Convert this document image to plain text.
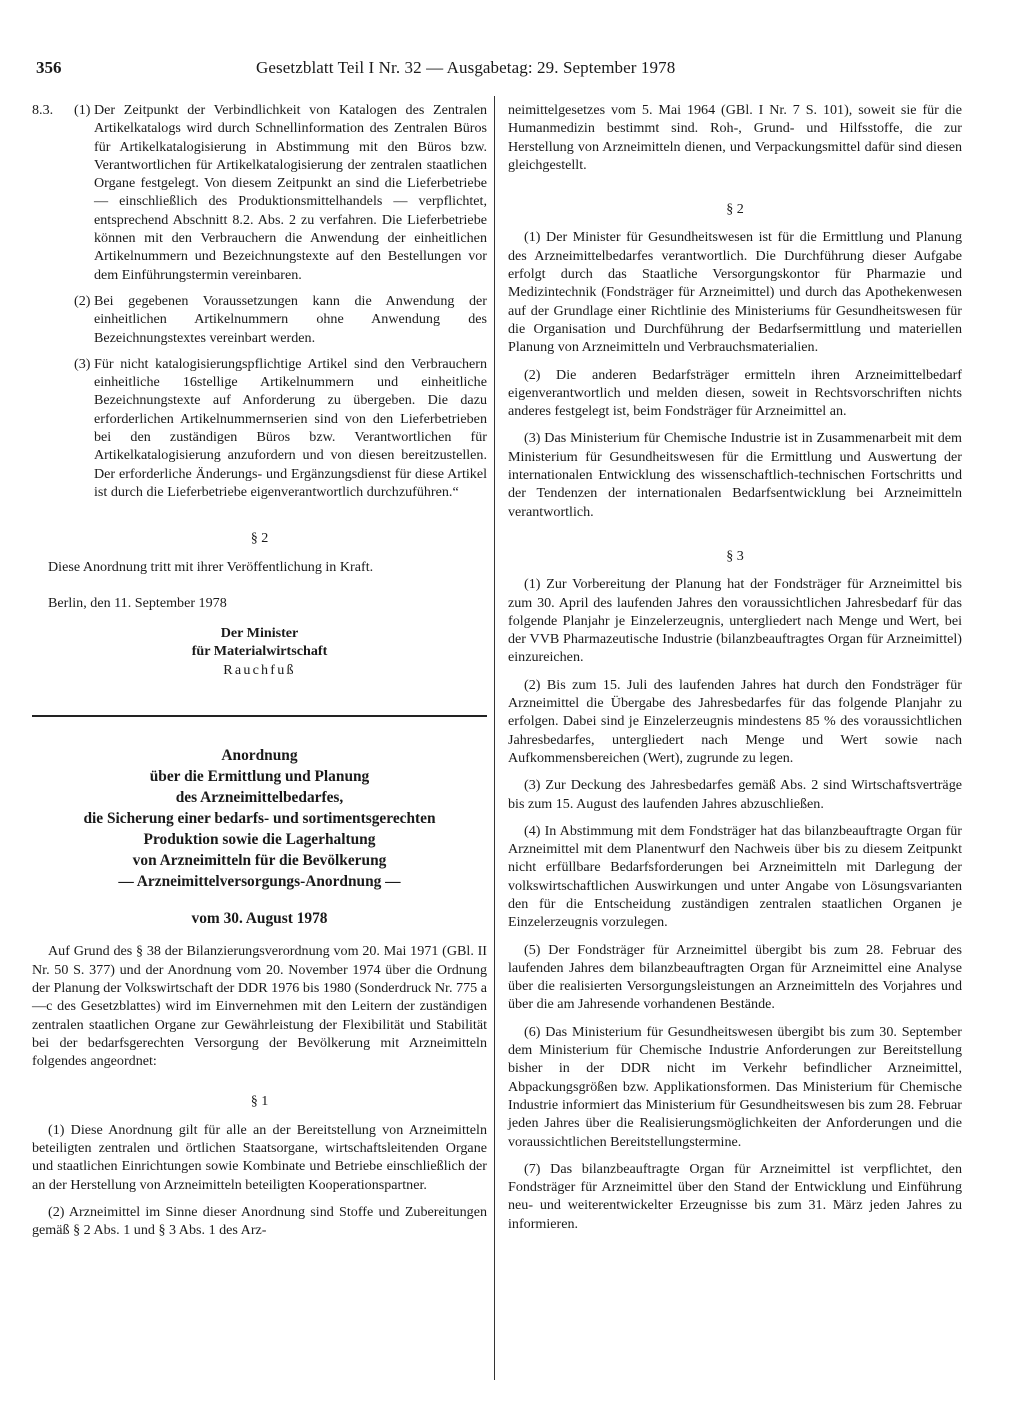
356	Gesetzblatt Teil I Nr. 32 — Ausgabetag: 29. September 1978
8.3. (1) Der Zeitpunkt der Verbindlichkeit von Katalogen des Zentralen Artikelkatalogs wird durch Schnellinformation des Zentralen Büros für Artikelkatalogisierung in Abstimmung mit den Büros bzw. Verantwortlichen für Artikelkatalogisierung der zentralen staatlichen Organe festgelegt. Von diesem Zeitpunkt an sind die Lieferbetriebe — einschließlich des Produktionsmittelhandels — verpflichtet, entsprechend Abschnitt 8.2. Abs. 2 zu verfahren. Die Lieferbetriebe können mit den Verbrauchern die Anwendung der einheitlichen Artikelnummern und Bezeichnungstexte auf den Bestellungen vor dem Einführungstermin vereinbaren.

(2) Bei gegebenen Voraussetzungen kann die Anwendung der einheitlichen Artikelnummern ohne Anwendung des Bezeichnungstextes vereinbart werden.

(3) Für nicht katalogisierungspflichtige Artikel sind den Verbrauchern einheitliche 16stellige Artikelnummern und einheitliche Bezeichnungstexte auf Anforderung zu übergeben. Die dazu erforderlichen Artikelnummernserien sind von den Lieferbetrieben bei den zuständigen Büros bzw. Verantwortlichen für Artikelkatalogisierung anzufordern und von diesen bereitzustellen. Der erforderliche Änderungs- und Ergänzungsdienst für diese Artikel ist durch die Lieferbetriebe eigenverantwortlich durchzuführen.“

§ 2

Diese Anordnung tritt mit ihrer Veröffentlichung in Kraft.

Berlin, den 11. September 1978

Der Minister

für Materialwirtschaft

Rauchfuß

Anordnung

über die Ermittlung und Planung

des Arzneimittelbedarfes,

die Sicherung einer bedarfs- und sortimentsgerechten

Produktion sowie die Lagerhaltung

von Arzneimitteln für die Bevölkerung

— Arzneimittelversorgungs-Anordnung —

vom 30. August 1978

Auf Grund des § 38 der Bilanzierungsverordnung vom 20. Mai 1971 (GBl. II Nr. 50 S. 377) und der Anordnung vom 20. November 1974 über die Ordnung der Planung der Volkswirtschaft der DDR 1976 bis 1980 (Sonderdruck Nr. 775 a—c des Gesetzblattes) wird im Einvernehmen mit den Leitern der zuständigen zentralen staatlichen Organe zur Gewährleistung der Flexibilität und Stabilität bei der bedarfsgerechten Versorgung der Bevölkerung mit Arzneimitteln folgendes angeordnet:

§ 1

(1) Diese Anordnung gilt für alle an der Bereitstellung von Arzneimitteln beteiligten zentralen und örtlichen Staatsorgane, wirtschaftsleitenden Organe und staatlichen Einrichtungen sowie Kombinate und Betriebe einschließlich der an der Herstellung von Arzneimitteln beteiligten Kooperationspartner.

(2) Arzneimittel im Sinne dieser Anordnung sind Stoffe und Zubereitungen gemäß § 2 Abs. 1 und § 3 Abs. 1 des Arz-

neimittelgesetzes vom 5. Mai 1964 (GBl. I Nr. 7 S. 101), soweit sie für die Humanmedizin bestimmt sind. Roh-, Grund- und Hilfsstoffe, die zur Herstellung von Arzneimitteln dienen, und Verpackungsmittel dafür sind diesen gleichgestellt.

§ 2

(1) Der Minister für Gesundheitswesen ist für die Ermittlung und Planung des Arzneimittelbedarfes verantwortlich. Die Durchführung dieser Aufgabe erfolgt durch das Staatliche Versorgungskontor für Pharmazie und Medizintechnik (Fondsträger für Arzneimittel) und durch das Apothekenwesen auf der Grundlage einer Richtlinie des Ministeriums für Gesundheitswesen für die Organisation und Durchführung der Bedarfsermittlung und materiellen Planung von Arzneimitteln und Verbrauchsmaterialien.

(2) Die anderen Bedarfsträger ermitteln ihren Arzneimittelbedarf eigenverantwortlich und melden diesen, soweit in Rechtsvorschriften nichts anderes festgelegt ist, beim Fondsträger für Arzneimittel an.

(3) Das Ministerium für Chemische Industrie ist in Zusammenarbeit mit dem Ministerium für Gesundheitswesen für die Ermittlung und Auswertung der internationalen Entwicklung des wissenschaftlich-technischen Fortschritts und der Tendenzen der internationalen Bedarfsentwicklung bei Arzneimitteln verantwortlich.

§ 3

(1) Zur Vorbereitung der Planung hat der Fondsträger für Arzneimittel bis zum 30. April des laufenden Jahres den voraussichtlichen Jahresbedarf für das folgende Planjahr je Einzelerzeugnis, untergliedert nach Menge und Wert, bei der VVB Pharmazeutische Industrie (bilanzbeauftragtes Organ für Arzneimittel) einzureichen.

(2) Bis zum 15. Juli des laufenden Jahres hat durch den Fondsträger für Arzneimittel die Übergabe des Jahresbedarfes für das folgende Planjahr zu erfolgen. Dabei sind je Einzelerzeugnis mindestens 85 % des voraussichtlichen Jahresbedarfes, untergliedert nach Menge und Wert sowie nach Aufkommensbereichen (Wert), zugrunde zu legen.

(3) Zur Deckung des Jahresbedarfes gemäß Abs. 2 sind Wirtschaftsverträge bis zum 15. August des laufenden Jahres abzuschließen.

(4) In Abstimmung mit dem Fondsträger hat das bilanzbeauftragte Organ für Arzneimittel mit dem Planentwurf den Nachweis über bis zu diesem Zeitpunkt nicht erfüllbare Bedarfsforderungen bei Arzneimitteln mit Darlegung der volkswirtschaftlichen Auswirkungen und unter Angabe von Lösungsvarianten den für die Entscheidung zuständigen zentralen staatlichen Organen je Einzelerzeugnis vorzulegen.

(5) Der Fondsträger für Arzneimittel übergibt bis zum 28. Februar des laufenden Jahres dem bilanzbeauftragten Organ für Arzneimittel eine Analyse über die realisierten Versorgungsleistungen an Arzneimitteln des Vorjahres und über die am Jahresende vorhandenen Bestände.

(6) Das Ministerium für Gesundheitswesen übergibt bis zum 30. September dem Ministerium für Chemische Industrie Anforderungen zur Bereitstellung bisher in der DDR nicht im Verkehr befindlicher Arzneimittel, Abpackungsgrößen bzw. Applikationsformen. Das Ministerium für Chemische Industrie informiert das Ministerium für Gesundheitswesen bis zum 28. Februar jeden Jahres über die Realisierungsmöglichkeiten der Anforderungen und die voraussichtlichen Bereitstellungstermine.

(7) Das bilanzbeauftragte Organ für Arzneimittel ist verpflichtet, den Fondsträger für Arzneimittel über den Stand der Entwicklung und Einführung neu- und weiterentwickelter Erzeugnisse bis zum 31. März jeden Jahres zu informieren.
